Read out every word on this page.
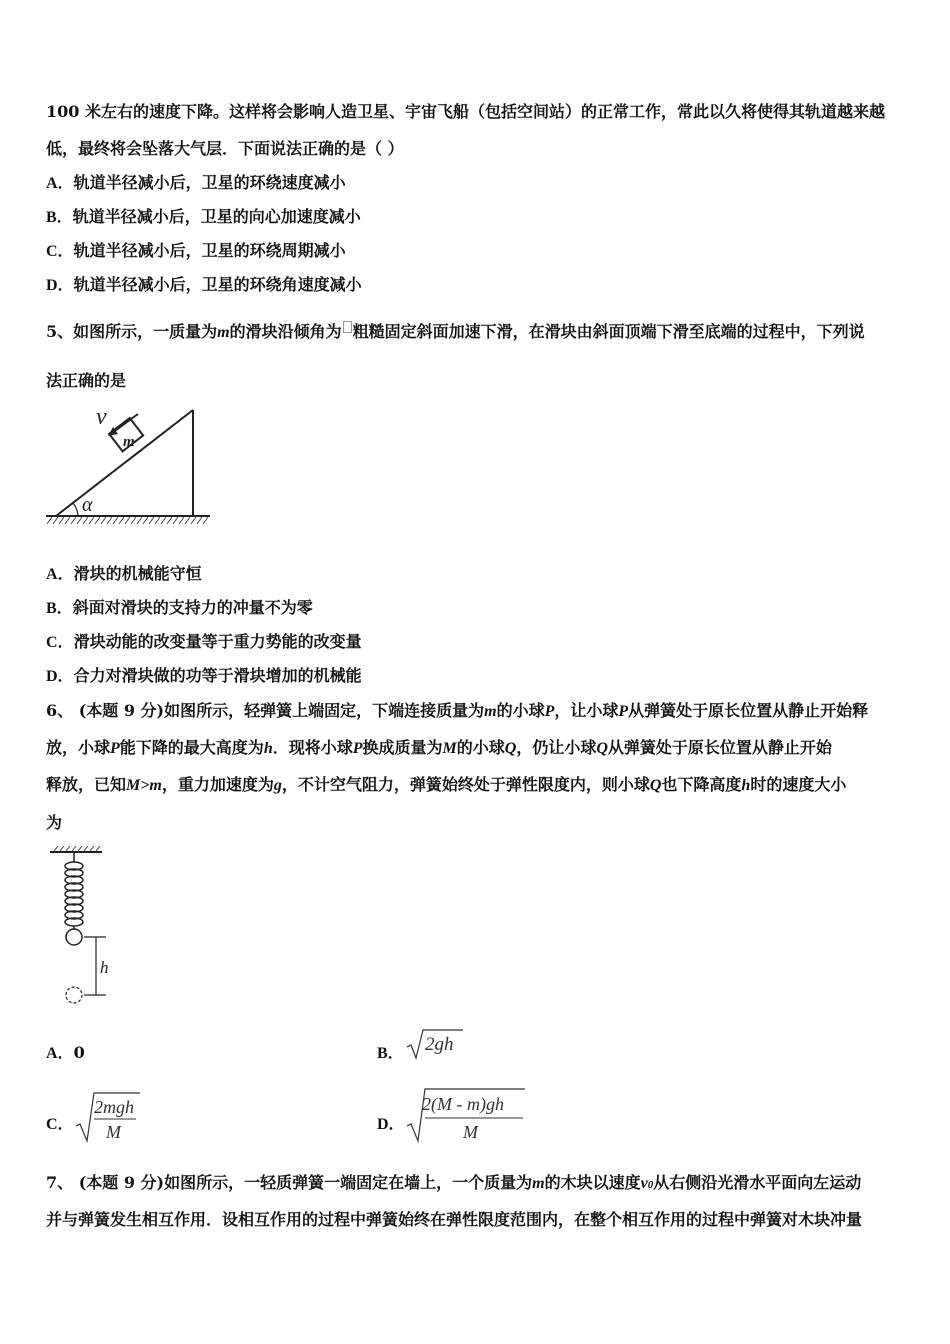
100 米左右的速度下降。这样将会影响人造卫星、宇宙飞船（包括空间站）的正常工作，常此以久将使得其轨道越来越
低，最终将会坠落大气层．下面说法正确的是（ ）
A．轨道半径减小后，卫星的环绕速度减小
B．轨道半径减小后，卫星的向心加速度减小
C．轨道半径减小后，卫星的环绕周期减小
D．轨道半径减小后，卫星的环绕角速度减小
5、如图所示，一质量为m的滑块沿倾角为 粗糙固定斜面加速下滑，在滑块由斜面顶端下滑至底端的过程中，下列说
法正确的是
α
m
v
A．滑块的机械能守恒
B．斜面对滑块的支持力的冲量不为零
C．滑块动能的改变量等于重力势能的改变量
D．合力对滑块做的功等于滑块增加的机械能
6、 (本题 9 分)如图所示，轻弹簧上端固定，下端连接质量为m的小球P，让小球P从弹簧处于原长位置从静止开始释
放，小球P能下降的最大高度为h．现将小球P换成质量为M的小球Q，仍让小球Q从弹簧处于原长位置从静止开始
释放，已知M>m，重力加速度为g，不计空气阻力，弹簧始终处于弹性限度内，则小球Q也下降高度h时的速度大小
为
h
A．0	B． 2gh
C．
2mgh
M	D．
2(M - m)gh
M
7、 (本题 9 分)如图所示，一轻质弹簧一端固定在墙上，一个质量为m的木块以速度v0从右侧沿光滑水平面向左运动
并与弹簧发生相互作用．设相互作用的过程中弹簧始终在弹性限度范围内，在整个相互作用的过程中弹簧对木块冲量
